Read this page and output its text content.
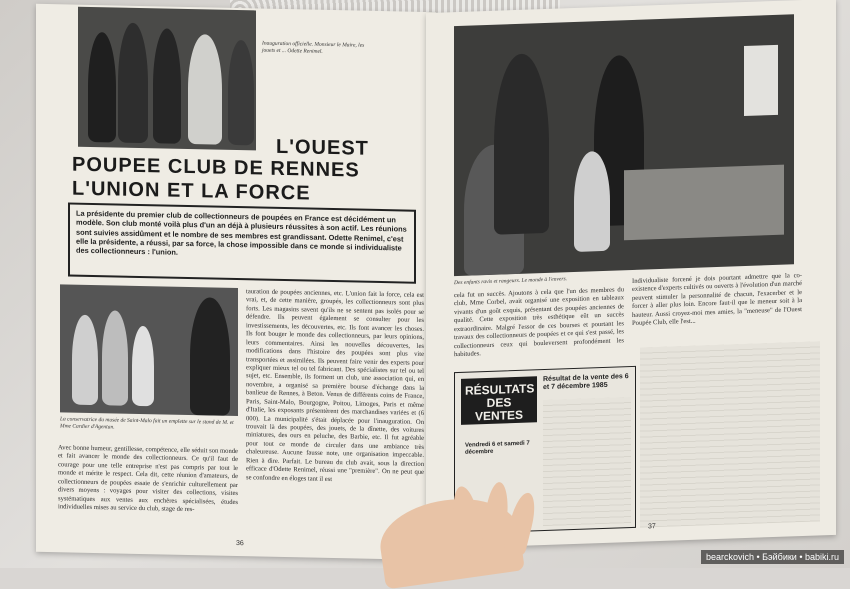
Inauguration officielle. Monsieur le Maire, les jouets et ... Odette Renimel.
L'OUEST
POUPEE CLUB DE RENNES
L'UNION ET LA FORCE
La présidente du premier club de collectionneurs de poupées en France est décidément un modèle. Son club monté voilà plus d'un an déjà à plusieurs réussites à son actif. Les réunions sont suivies assidûment et le nombre de ses membres est grandissant. Odette Renimel, c'est elle la présidente, a réussi, par sa force, la chose impossible dans ce monde si individualiste des collectionneurs : l'union.
La conservatrice du musée de Saint-Malo fait un emplette sur le stand de M. et Mme Cardier d'Agentan.
Avec bonne humeur, gentillesse, compétence, elle séduit son monde et fait avancer le monde des collectionneurs. Ce qu'il faut de courage pour une telle entreprise n'est pas compris par tout le monde et mérite le respect. Cela dit, cette réunion d'amateurs, de collectionneurs de poupées essaie de s'enrichir culturellement par divers moyens : voyages pour visiter des collections, visites systématiques aux ventes aux enchères spécialisées, études individuelles mises au service du club, stage de res-
tauration de poupées anciennes, etc. L'union fait la force, cela est vrai, et, de cette manière, groupés, les collectionneurs sont plus forts. Les magasins savent qu'ils ne se sentent pas isolés pour se défendre. Ils peuvent également se consulter pour les investissements, les découvertes, etc. Ils font avancer les choses. Ils font bouger le monde des collectionneurs, par leurs opinions, leurs commentaires. Ainsi les nouvelles découvertes, les modifications dans l'histoire des poupées sont plus vite transportées et assimilées. Ils peuvent faire venir des experts pour expliquer mieux tel ou tel fabricant. Des spécialistes sur tel ou tel sujet, etc. Ensemble, ils forment un club, une association qui, en novembre, a organisé sa première bourse d'échange dans la banlieue de Rennes, à Beton. Venus de différents coins de France, Paris, Saint-Malo, Bourgogne, Poitou, Limoges, Paris et même d'Italie, les exposants présentèrent des marchandises variées et (6 000). La municipalité s'était déplacée pour l'inauguration. On trouvait là des poupées, des jouets, de la dînette, des voitures miniatures, des ours en peluche, des Barbie, etc. Il fut agréable pour tout ce monde de circuler dans une ambiance très chaleureuse. Aucune fausse note, une organisation impeccable. Rien à dire. Parfait. Le bureau du club avait, sous la direction efficace d'Odette Renimel, réussi une "première". On ne peut que se confondre en éloges tant il est
36
Des enfants ravis et rangeurs. Le monde à l'envers.
cela fut un succès. Ajoutons à cela que l'un des membres du club, Mme Corbel, avait organisé une exposition en tableaux vivants d'un goût exquis, présentant des poupées anciennes de qualité. Cette exposition très esthétique eût un succès extraordinaire. Malgré l'essor de ces bourses et pourtant les travaux des collectionneurs de poupées et ce qui s'est passé, les collectionneurs ceux qui bouleversent profondément les habitudes.
Individualiste forcené je dois pourtant admettre que la co-existence d'experts cultivés ou ouverts à l'évolution d'un marché peuvent stimuler la personnalité de chacun, l'exacerber et le forcer à aller plus loin. Encore faut-il que le meneur soit à la hauteur. Aussi croyez-moi mes amies, la "meneuse" de l'Ouest Poupée Club, elle l'est...
RÉSULTATS DES VENTES
Résultat de la vente des 6 et 7 décembre 1985
Vendredi 6 et samedi 7 décembre
37
bearckovich • Бэйбики • babiki.ru
